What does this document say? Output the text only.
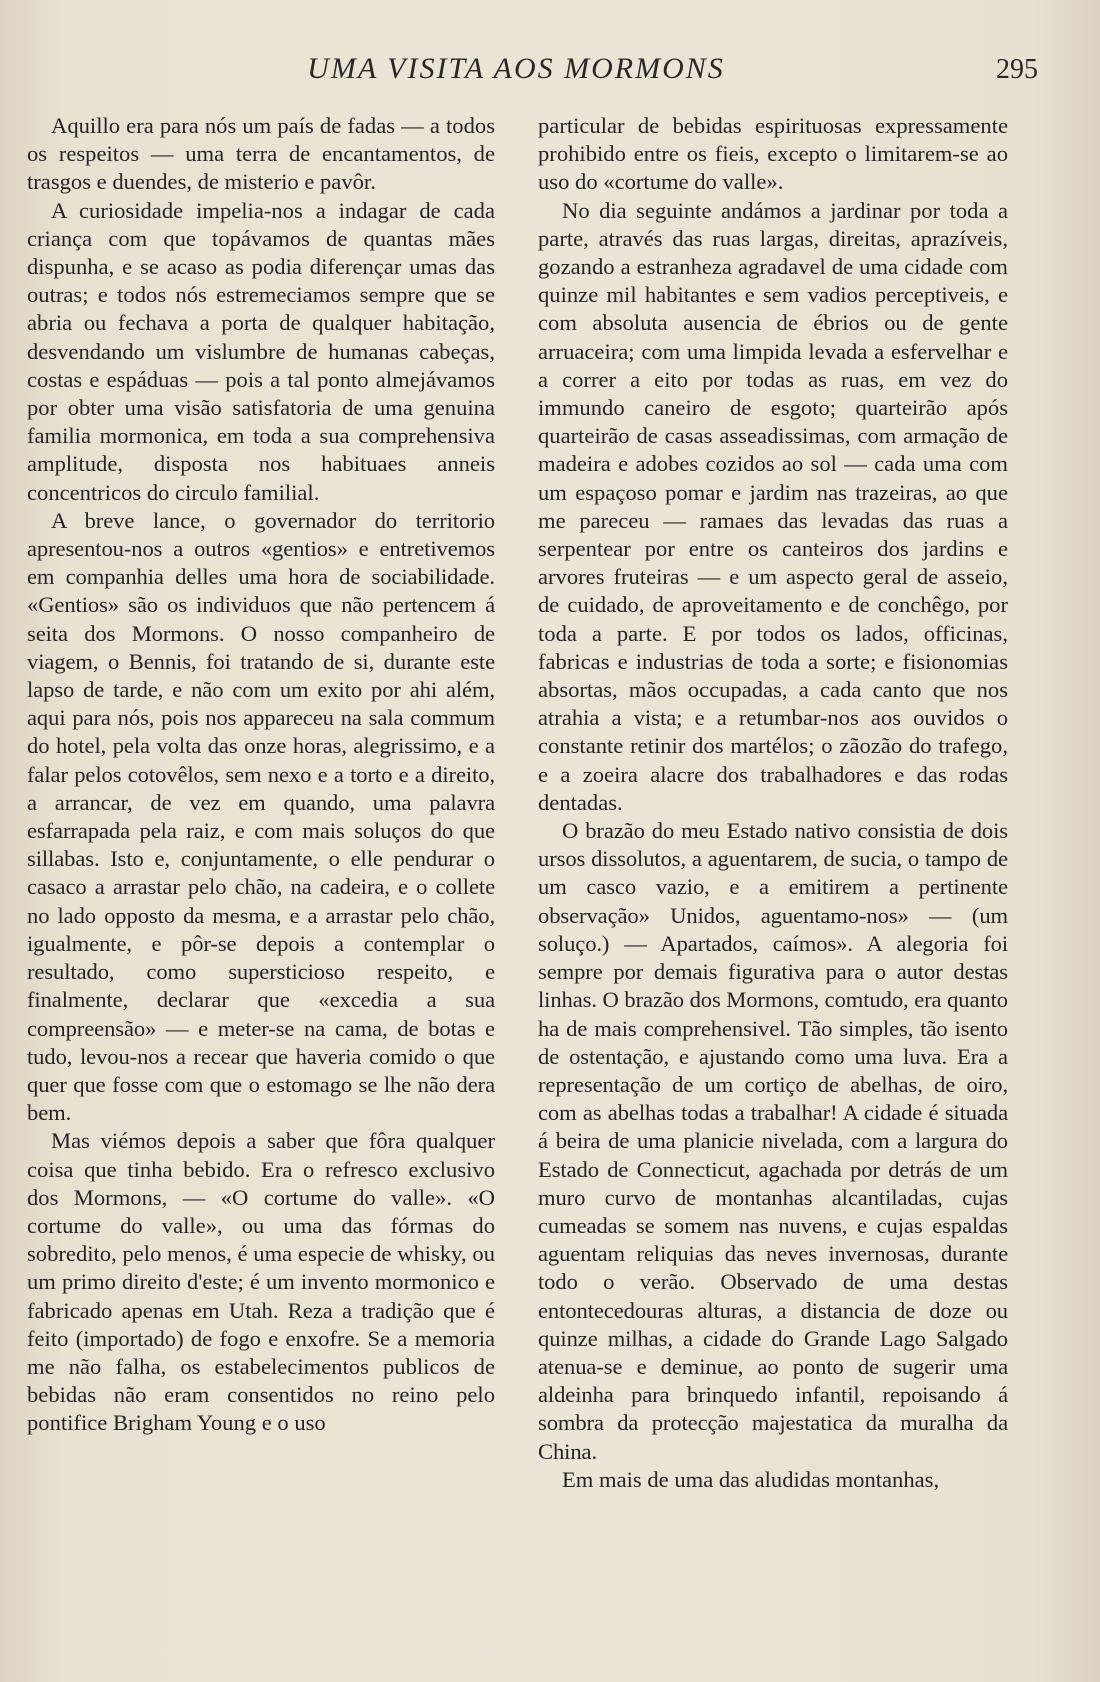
UMA VISITA AOS MORMONS	295

Aquillo era para nós um país de fadas — a todos os respeitos — uma terra de encantamentos, de trasgos e duendes, de misterio e pavôr.

A curiosidade impelia-nos a indagar de cada criança com que topávamos de quantas mães dispunha, e se acaso as podia diferençar umas das outras; e todos nós estremeciamos sempre que se abria ou fechava a porta de qualquer habitação, desvendando um vislumbre de humanas cabeças, costas e espáduas — pois a tal ponto almejávamos por obter uma visão satisfatoria de uma genuina familia mormonica, em toda a sua comprehensiva amplitude, disposta nos habituaes anneis concentricos do circulo familial.

A breve lance, o governador do territorio apresentou-nos a outros «gentios» e entretivemos em companhia delles uma hora de sociabilidade. «Gentios» são os individuos que não pertencem á seita dos Mormons. O nosso companheiro de viagem, o Bennis, foi tratando de si, durante este lapso de tarde, e não com um exito por ahi além, aqui para nós, pois nos appareceu na sala commum do hotel, pela volta das onze horas, alegrissimo, e a falar pelos cotovêlos, sem nexo e a torto e a direito, a arrancar, de vez em quando, uma palavra esfarrapada pela raiz, e com mais soluços do que sillabas. Isto e, conjuntamente, o elle pendurar o casaco a arrastar pelo chão, na cadeira, e o collete no lado opposto da mesma, e a arrastar pelo chão, igualmente, e pôr-se depois a contemplar o resultado, como supersticioso respeito, e finalmente, declarar que «excedia a sua compreensão» — e meter-se na cama, de botas e tudo, levou-nos a recear que haveria comido o que quer que fosse com que o estomago se lhe não dera bem.

Mas viémos depois a saber que fôra qualquer coisa que tinha bebido. Era o refresco exclusivo dos Mormons, — «O cortume do valle». «O cortume do valle», ou uma das fórmas do sobredito, pelo menos, é uma especie de whisky, ou um primo direito d'este; é um invento mormonico e fabricado apenas em Utah. Reza a tradição que é feito (importado) de fogo e enxofre. Se a memoria me não falha, os estabelecimentos publicos de bebidas não eram consentidos no reino pelo pontifice Brigham Young e o uso

particular de bebidas espirituosas expressamente prohibido entre os fieis, excepto o limitarem-se ao uso do «cortume do valle».

No dia seguinte andámos a jardinar por toda a parte, através das ruas largas, direitas, aprazíveis, gozando a estranheza agradavel de uma cidade com quinze mil habitantes e sem vadios perceptiveis, e com absoluta ausencia de ébrios ou de gente arruaceira; com uma limpida levada a esfervelhar e a correr a eito por todas as ruas, em vez do immundo caneiro de esgoto; quarteirão após quarteirão de casas asseadissimas, com armação de madeira e adobes cozidos ao sol — cada uma com um espaçoso pomar e jardim nas trazeiras, ao que me pareceu — ramaes das levadas das ruas a serpentear por entre os canteiros dos jardins e arvores fruteiras — e um aspecto geral de asseio, de cuidado, de aproveitamento e de conchêgo, por toda a parte. E por todos os lados, officinas, fabricas e industrias de toda a sorte; e fisionomias absortas, mãos occupadas, a cada canto que nos atrahia a vista; e a retumbar-nos aos ouvidos o constante retinir dos martélos; o zãozão do trafego, e a zoeira alacre dos trabalhadores e das rodas dentadas.

O brazão do meu Estado nativo consistia de dois ursos dissolutos, a aguentarem, de sucia, o tampo de um casco vazio, e a emitirem a pertinente observação» Unidos, aguentamo-nos» — (um soluço.) — Apartados, caímos». A alegoria foi sempre por demais figurativa para o autor destas linhas. O brazão dos Mormons, comtudo, era quanto ha de mais comprehensivel. Tão simples, tão isento de ostentação, e ajustando como uma luva. Era a representação de um cortiço de abelhas, de oiro, com as abelhas todas a trabalhar! A cidade é situada á beira de uma planicie nivelada, com a largura do Estado de Connecticut, agachada por detrás de um muro curvo de montanhas alcantiladas, cujas cumeadas se somem nas nuvens, e cujas espaldas aguentam reliquias das neves invernosas, durante todo o verão. Observado de uma destas entontecedouras alturas, a distancia de doze ou quinze milhas, a cidade do Grande Lago Salgado atenua-se e deminue, ao ponto de sugerir uma aldeinha para brinquedo infantil, repoisando á sombra da protecção majestatica da muralha da China.

Em mais de uma das aludidas montanhas,
